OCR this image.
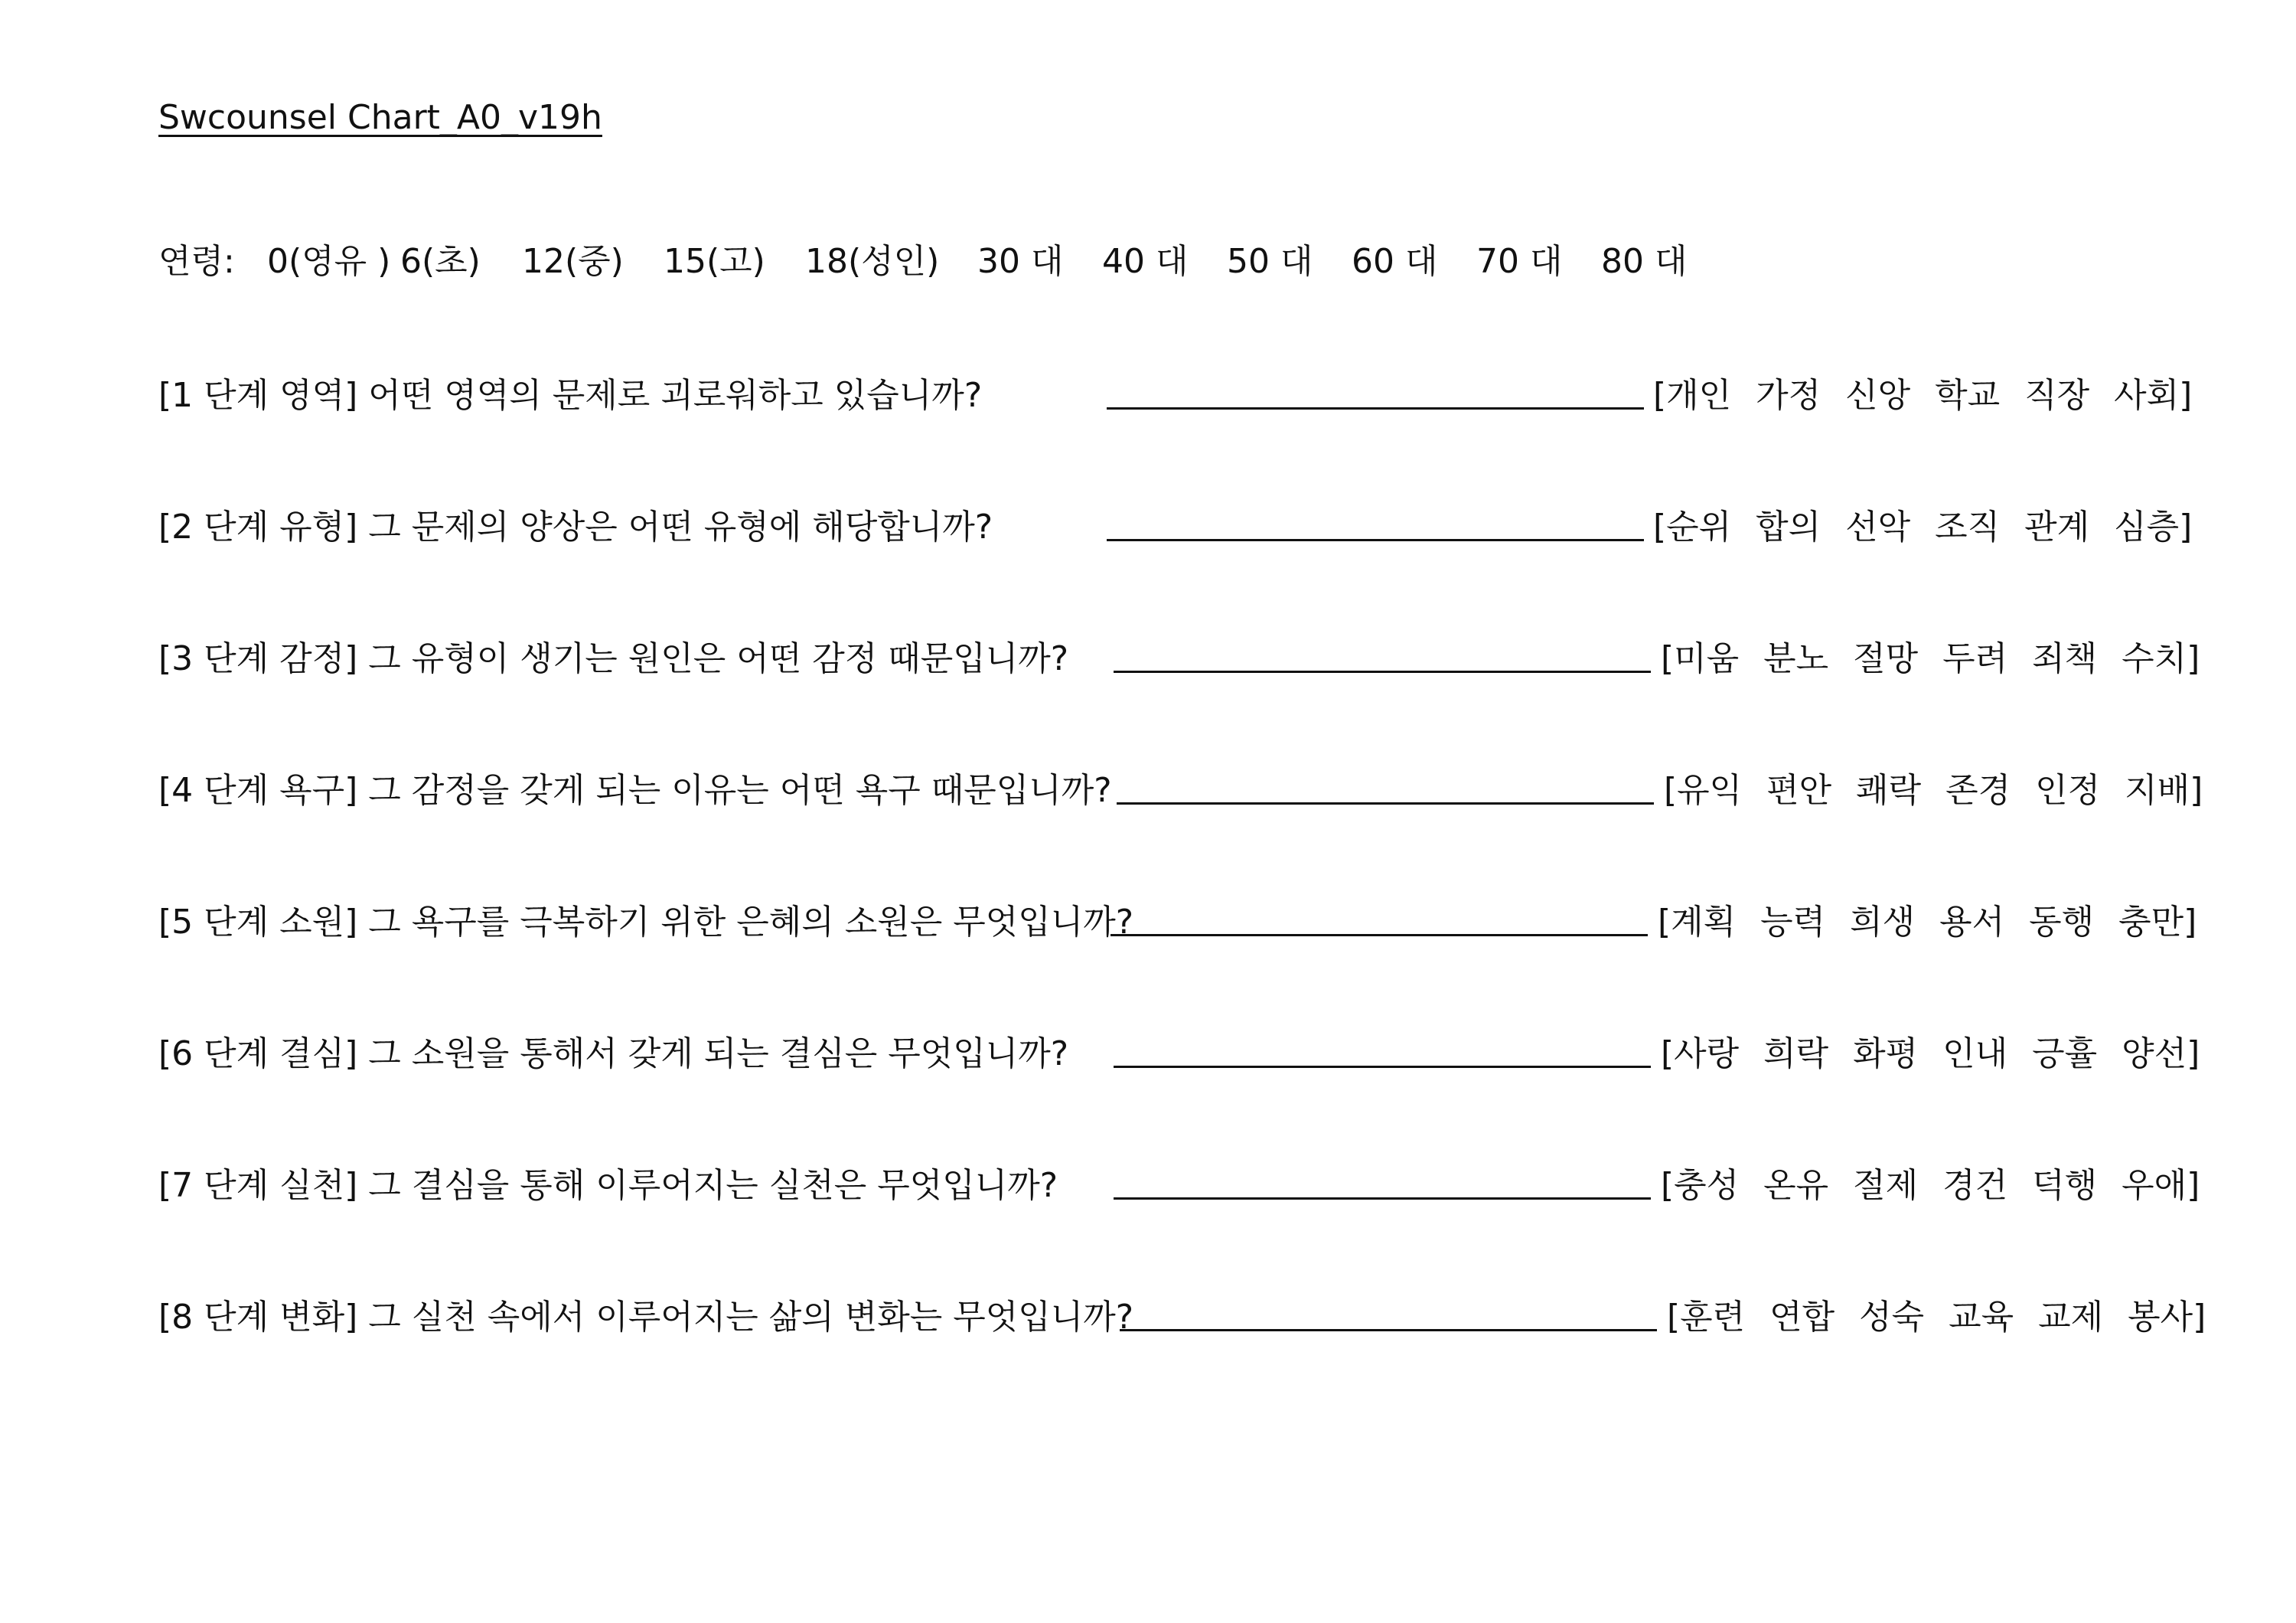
Swcounsel Chart_A0_v19h
연령: 0(영유 ) 6(초) 12(중) 15(고) 18(성인) 30 대 40 대 50 대 60 대 70 대 80 대
[1 단계 영역] 어떤 영역의 문제로 괴로워하고 있습니까?	[개인 가정 신앙 학교 직장 사회]
[2 단계 유형] 그 문제의 양상은 어떤 유형에 해당합니까?	[순위 합의 선악 조직 관계 심층]
[3 단계 감정] 그 유형이 생기는 원인은 어떤 감정 때문입니까?	[미움 분노 절망 두려 죄책 수치]
[4 단계 욕구] 그 감정을 갖게 되는 이유는 어떤 욕구 때문입니까?	[유익 편안 쾌락 존경 인정 지배]
[5 단계 소원] 그 욕구를 극복하기 위한 은혜의 소원은 무엇입니까?	[계획 능력 희생 용서 동행 충만]
[6 단계 결심] 그 소원을 통해서 갖게 되는 결심은 무엇입니까?	[사랑 희락 화평 인내 긍휼 양선]
[7 단계 실천] 그 결심을 통해 이루어지는 실천은 무엇입니까?	[충성 온유 절제 경건 덕행 우애]
[8 단계 변화] 그 실천 속에서 이루어지는 삶의 변화는 무엇입니까?	[훈련 연합 성숙 교육 교제 봉사]
